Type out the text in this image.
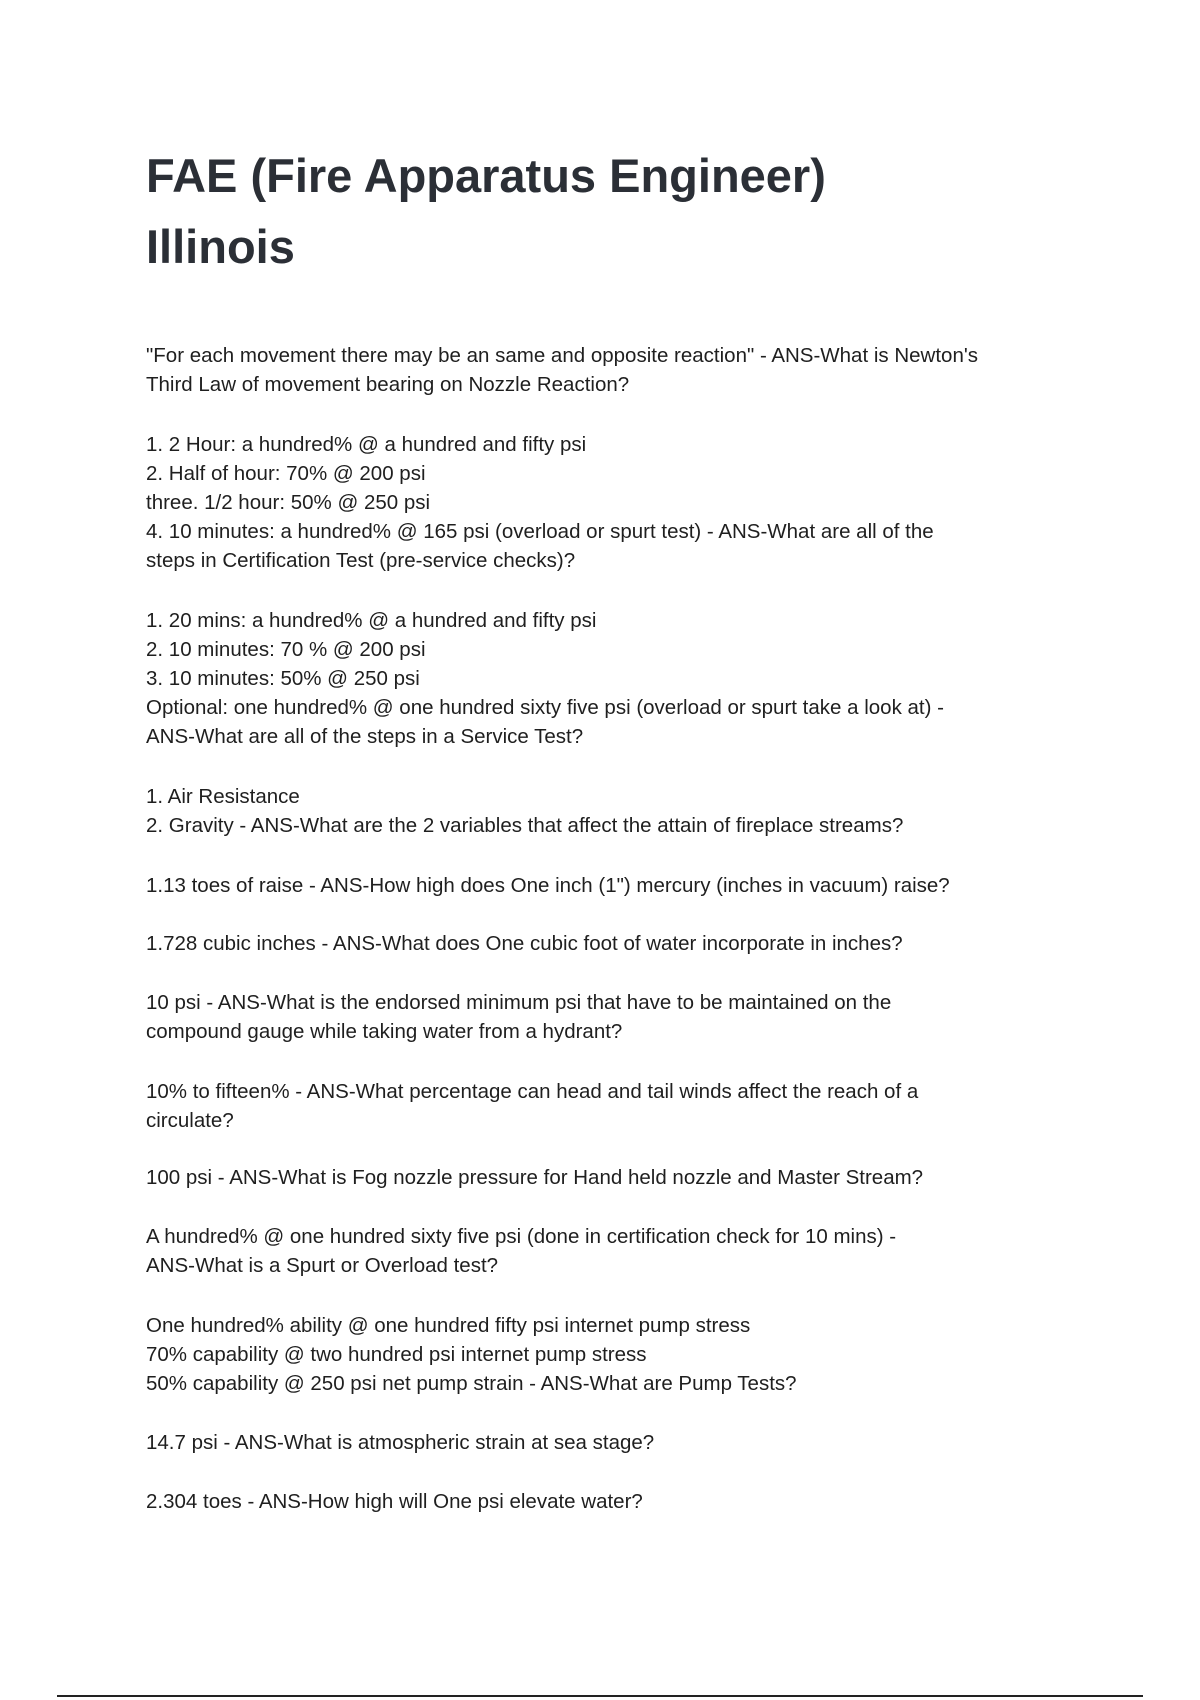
FAE (Fire Apparatus Engineer)
Illinois
"For each movement there may be an same and opposite reaction" - ANS-What is Newton's
Third Law of movement bearing on Nozzle Reaction?
1. 2 Hour: a hundred% @ a hundred and fifty psi
2. Half of hour: 70% @ 200 psi
three. 1/2 hour: 50% @ 250 psi
4. 10 minutes: a hundred% @ 165 psi (overload or spurt test) - ANS-What are all of the
steps in Certification Test (pre-service checks)?
1. 20 mins: a hundred% @ a hundred and fifty psi
2. 10 minutes: 70 % @ 200 psi
3. 10 minutes: 50% @ 250 psi
Optional: one hundred% @ one hundred sixty five psi (overload or spurt take a look at) -
ANS-What are all of the steps in a Service Test?
1. Air Resistance
2. Gravity - ANS-What are the 2 variables that affect the attain of fireplace streams?
1.13 toes of raise - ANS-How high does One inch (1") mercury (inches in vacuum) raise?
1.728 cubic inches - ANS-What does One cubic foot of water incorporate in inches?
10 psi - ANS-What is the endorsed minimum psi that have to be maintained on the
compound gauge while taking water from a hydrant?
10% to fifteen% - ANS-What percentage can head and tail winds affect the reach of a
circulate?
100 psi - ANS-What is Fog nozzle pressure for Hand held nozzle and Master Stream?
A hundred% @ one hundred sixty five psi (done in certification check for 10 mins) -
ANS-What is a Spurt or Overload test?
One hundred% ability @ one hundred fifty psi internet pump stress
70% capability @ two hundred psi internet pump stress
50% capability @ 250 psi net pump strain - ANS-What are Pump Tests?
14.7 psi - ANS-What is atmospheric strain at sea stage?
2.304 toes - ANS-How high will One psi elevate water?
